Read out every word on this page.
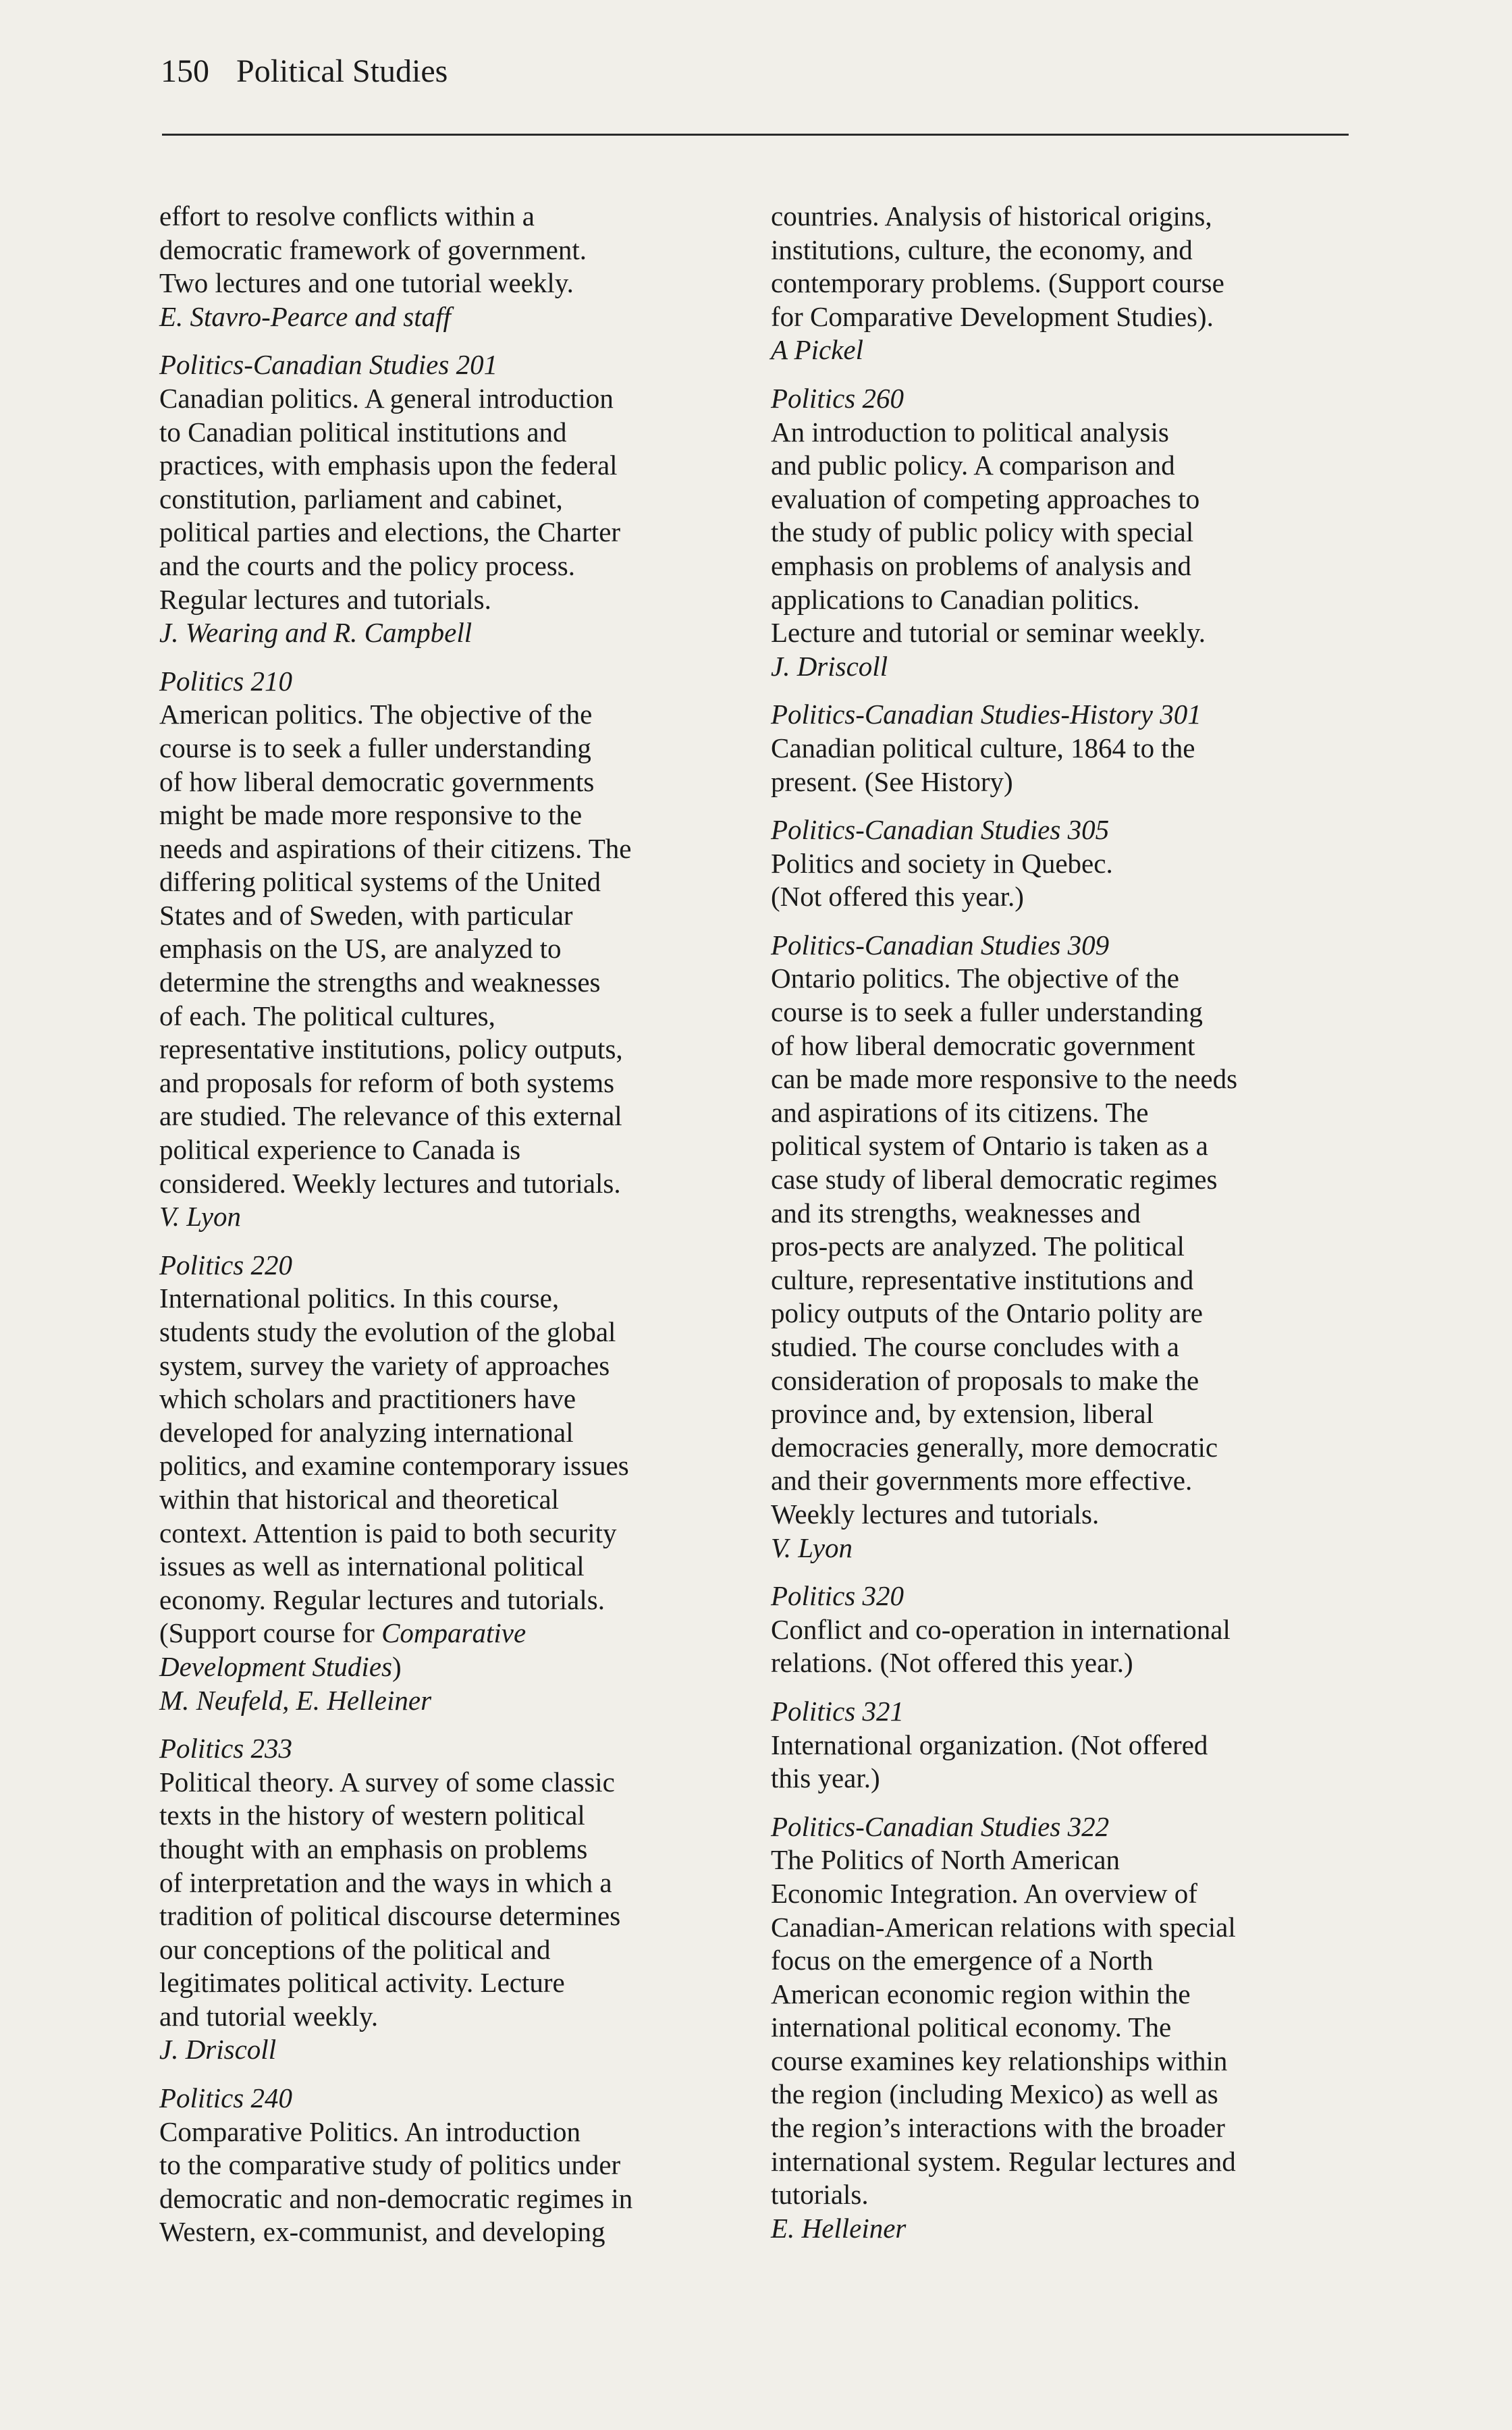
150 Political Studies
effort to resolve conflicts within a
democratic framework of government.
Two lectures and one tutorial weekly.
E. Stavro-Pearce and staff
Politics-Canadian Studies 201
Canadian politics. A general introduction
to Canadian political institutions and
practices, with emphasis upon the federal
constitution, parliament and cabinet,
political parties and elections, the Charter
and the courts and the policy process.
Regular lectures and tutorials.
J. Wearing and R. Campbell
Politics 210
American politics. The objective of the
course is to seek a fuller understanding
of how liberal democratic governments
might be made more responsive to the
needs and aspirations of their citizens. The
differing political systems of the United
States and of Sweden, with particular
emphasis on the US, are analyzed to
determine the strengths and weaknesses
of each. The political cultures,
representative institutions, policy outputs,
and proposals for reform of both systems
are studied. The relevance of this external
political experience to Canada is
considered. Weekly lectures and tutorials.
V. Lyon
Politics 220
International politics. In this course,
students study the evolution of the global
system, survey the variety of approaches
which scholars and practitioners have
developed for analyzing international
politics, and examine contemporary issues
within that historical and theoretical
context. Attention is paid to both security
issues as well as international political
economy. Regular lectures and tutorials.
(Support course for Comparative
Development Studies)
M. Neufeld, E. Helleiner
Politics 233
Political theory. A survey of some classic
texts in the history of western political
thought with an emphasis on problems
of interpretation and the ways in which a
tradition of political discourse determines
our conceptions of the political and
legitimates political activity. Lecture
and tutorial weekly.
J. Driscoll
Politics 240
Comparative Politics. An introduction
to the comparative study of politics under
democratic and non-democratic regimes in
Western, ex-communist, and developing
countries. Analysis of historical origins,
institutions, culture, the economy, and
contemporary problems. (Support course
for Comparative Development Studies).
A Pickel
Politics 260
An introduction to political analysis
and public policy. A comparison and
evaluation of competing approaches to
the study of public policy with special
emphasis on problems of analysis and
applications to Canadian politics.
Lecture and tutorial or seminar weekly.
J. Driscoll
Politics-Canadian Studies-History 301
Canadian political culture, 1864 to the
present. (See History)
Politics-Canadian Studies 305
Politics and society in Quebec.
(Not offered this year.)
Politics-Canadian Studies 309
Ontario politics. The objective of the
course is to seek a fuller understanding
of how liberal democratic government
can be made more responsive to the needs
and aspirations of its citizens. The
political system of Ontario is taken as a
case study of liberal democratic regimes
and its strengths, weaknesses and
pros-pects are analyzed. The political
culture, representative institutions and
policy outputs of the Ontario polity are
studied. The course concludes with a
consideration of proposals to make the
province and, by extension, liberal
democracies generally, more democratic
and their governments more effective.
Weekly lectures and tutorials.
V. Lyon
Politics 320
Conflict and co-operation in international
relations. (Not offered this year.)
Politics 321
International organization. (Not offered
this year.)
Politics-Canadian Studies 322
The Politics of North American
Economic Integration. An overview of
Canadian-American relations with special
focus on the emergence of a North
American economic region within the
international political economy. The
course examines key relationships within
the region (including Mexico) as well as
the region’s interactions with the broader
international system. Regular lectures and
tutorials.
E. Helleiner
